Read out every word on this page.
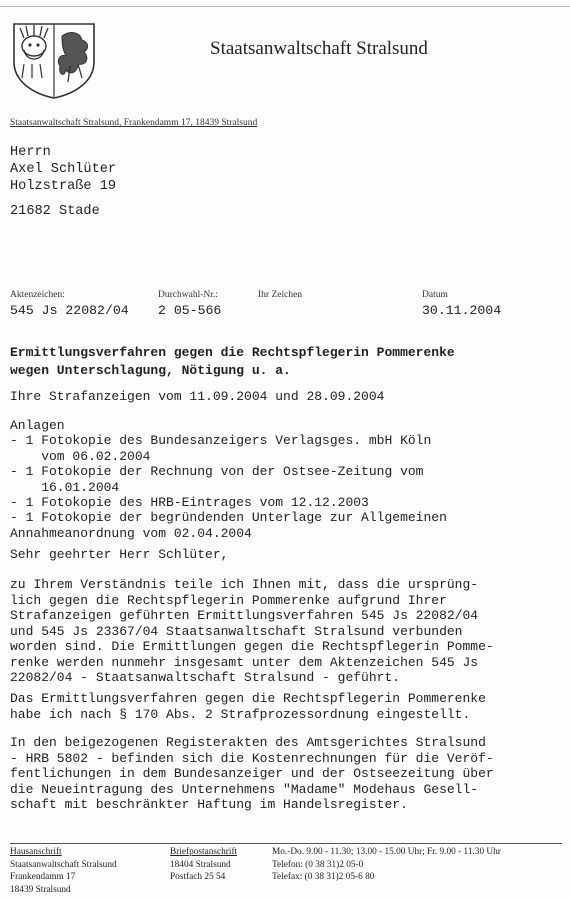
Staatsanwaltschaft Stralsund
Staatsanwaltschaft Stralsund, Frankendamm 17, 18439 Stralsund
Herrn
Axel Schlüter
Holzstraße 19
21682 Stade
Aktenzeichen:
545 Js 22082/04
Durchwahl-Nr.:
2 05-566
Ihr Zeichen	Datum
30.11.2004
Ermittlungsverfahren gegen die Rechtspflegerin Pommerenke
wegen Unterschlagung, Nötigung u. a.
Ihre Strafanzeigen vom 11.09.2004 und 28.09.2004
Anlagen
- 1 Fotokopie des Bundesanzeigers Verlagsges. mbH Köln
vom 06.02.2004
- 1 Fotokopie der Rechnung von der Ostsee-Zeitung vom
16.01.2004
- 1 Fotokopie des HRB-Eintrages vom 12.12.2003
- 1 Fotokopie der begründenden Unterlage zur Allgemeinen
Annahmeanordnung vom 02.04.2004
Sehr geehrter Herr Schlüter,
zu Ihrem Verständnis teile ich Ihnen mit, dass die ursprüng-
lich gegen die Rechtspflegerin Pommerenke aufgrund Ihrer
Strafanzeigen geführten Ermittlungsverfahren 545 Js 22082/04
und 545 Js 23367/04 Staatsanwaltschaft Stralsund verbunden
worden sind. Die Ermittlungen gegen die Rechtspflegerin Pomme-
renke werden nunmehr insgesamt unter dem Aktenzeichen 545 Js
22082/04 - Staatsanwaltschaft Stralsund - geführt.
Das Ermittlungsverfahren gegen die Rechtspflegerin Pommerenke
habe ich nach § 170 Abs. 2 Strafprozessordnung eingestellt.
In den beigezogenen Registerakten des Amtsgerichtes Stralsund
- HRB 5802 - befinden sich die Kostenrechnungen für die Veröf-
fentlichungen in dem Bundesanzeiger und der Ostseezeitung über
die Neueintragung des Unternehmens "Madame" Modehaus Gesell-
schaft mit beschränkter Haftung im Handelsregister.
Hausanschrift
Staatsanwaltschaft Stralsund
Frankendamm 17
18439 Stralsund
Briefpostanschrift
18404 Stralsund
Postfach 25 54
Mo.-Do. 9.00 - 11.30; 13.00 - 15.00 Uhr; Fr. 9.00 - 11.30 Uhr
Telefon: (0 38 31)2 05-0
Telefax: (0 38 31)2 05-6 80
